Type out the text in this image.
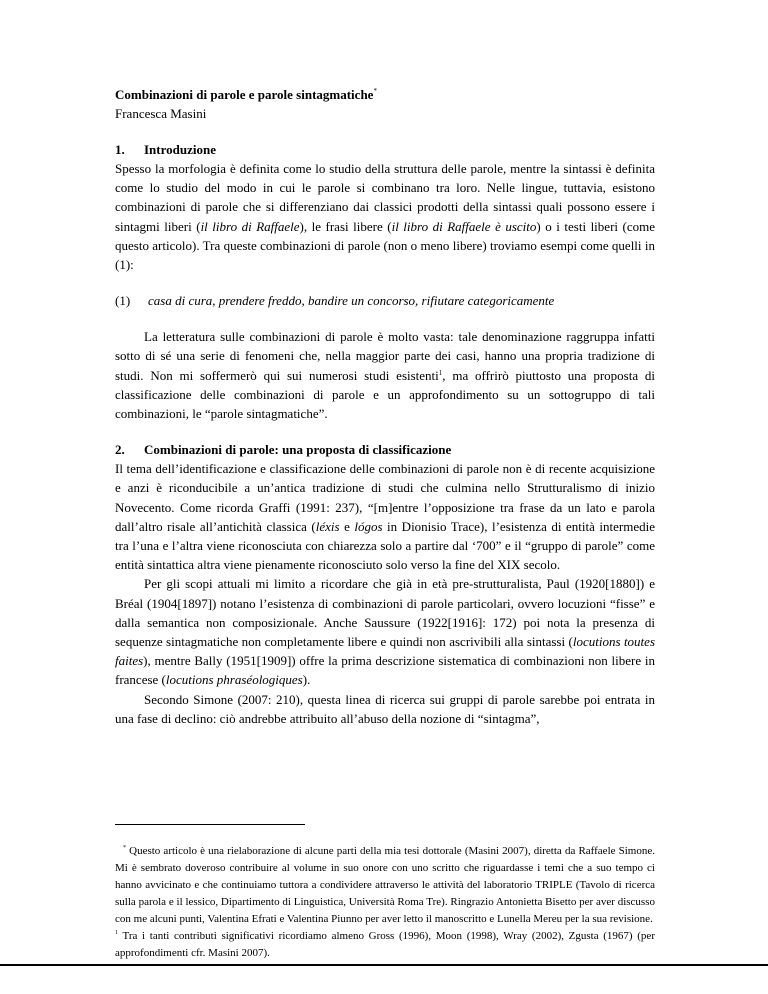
Combinazioni di parole e parole sintagmatiche*
Francesca Masini
1. Introduzione

Spesso la morfologia è definita come lo studio della struttura delle parole, mentre la sintassi è definita come lo studio del modo in cui le parole si combinano tra loro. Nelle lingue, tuttavia, esistono combinazioni di parole che si differenziano dai classici prodotti della sintassi quali possono essere i sintagmi liberi (il libro di Raffaele), le frasi libere (il libro di Raffaele è uscito) o i testi liberi (come questo articolo). Tra queste combinazioni di parole (non o meno libere) troviamo esempi come quelli in (1):

(1) casa di cura, prendere freddo, bandire un concorso, rifiutare categoricamente

La letteratura sulle combinazioni di parole è molto vasta: tale denominazione raggruppa infatti sotto di sé una serie di fenomeni che, nella maggior parte dei casi, hanno una propria tradizione di studi. Non mi soffermerò qui sui numerosi studi esistenti$^1$, ma offrirò piuttosto una proposta di classificazione delle combinazioni di parole e un approfondimento su un sottogruppo di tali combinazioni, le “parole sintagmatiche”.

2. Combinazioni di parole: una proposta di classificazione

Il tema dell’identificazione e classificazione delle combinazioni di parole non è di recente acquisizione e anzi è riconducibile a un’antica tradizione di studi che culmina nello Strutturalismo di inizio Novecento. Come ricorda Graffi (1991: 237), “[m]entre l’opposizione tra frase da un lato e parola dall’altro risale all’antichità classica (léxis e lógos in Dionisio Trace), l’esistenza di entità intermedie tra l’una e l’altra viene riconosciuta con chiarezza solo a partire dal ‘700” e il “gruppo di parole” come entità sintattica altra viene pienamente riconosciuto solo verso la fine del XIX secolo.

Per gli scopi attuali mi limito a ricordare che già in età pre-strutturalista, Paul (1920[1880]) e Bréal (1904[1897]) notano l’esistenza di combinazioni di parole particolari, ovvero locuzioni “fisse” e dalla semantica non composizionale. Anche Saussure (1922[1916]: 172) poi nota la presenza di sequenze sintagmatiche non completamente libere e quindi non ascrivibili alla sintassi (locutions toutes faites), mentre Bally (1951[1909]) offre la prima descrizione sistematica di combinazioni non libere in francese (locutions phraséologiques).

Secondo Simone (2007: 210), questa linea di ricerca sui gruppi di parole sarebbe poi entrata in una fase di declino: ciò andrebbe attribuito all’abuso della nozione di “sintagma”,

* Questo articolo è una rielaborazione di alcune parti della mia tesi dottorale (Masini 2007), diretta da Raffaele Simone. Mi è sembrato doveroso contribuire al volume in suo onore con uno scritto che riguardasse i temi che a suo tempo ci hanno avvicinato e che continuiamo tuttora a condividere attraverso le attività del laboratorio TRIPLE (Tavolo di ricerca sulla parola e il lessico, Dipartimento di Linguistica, Università Roma Tre). Ringrazio Antonietta Bisetto per aver discusso con me alcuni punti, Valentina Efrati e Valentina Piunno per aver letto il manoscritto e Lunella Mereu per la sua revisione.
$^1$ Tra i tanti contributi significativi ricordiamo almeno Gross (1996), Moon (1998), Wray (2002), Zgusta (1967) (per approfondimenti cfr. Masini 2007).
